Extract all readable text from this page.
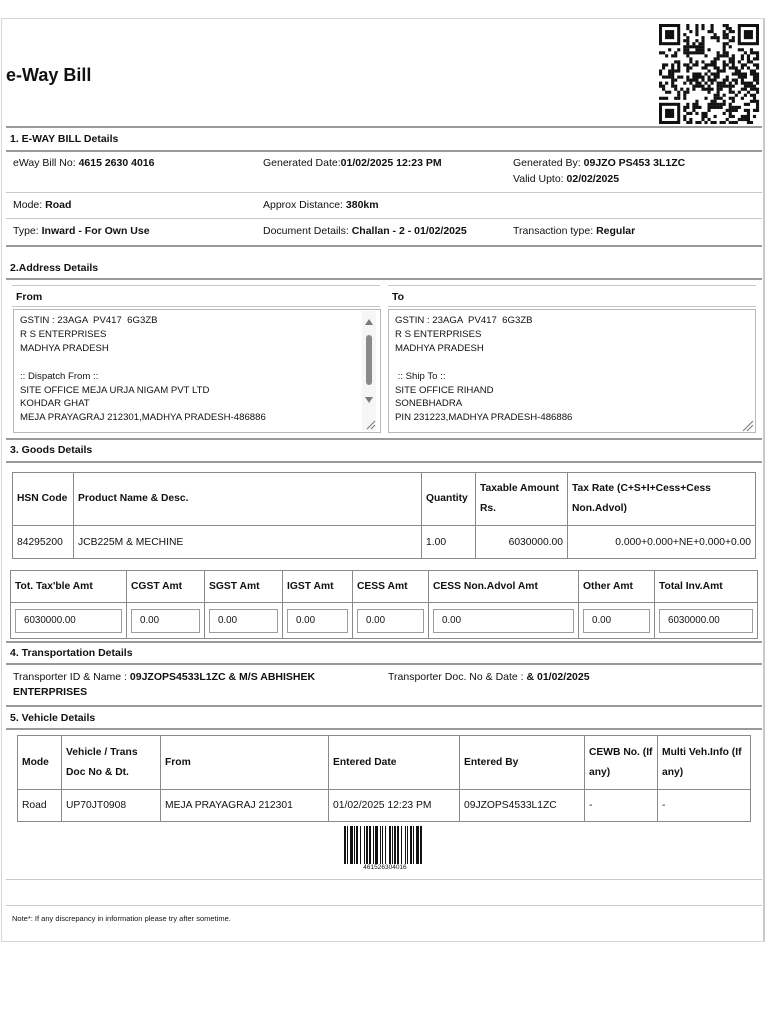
e-Way Bill
1. E-WAY BILL Details
eWay Bill No: 4615 2630 4016	Generated Date:01/02/2025 12:23 PM	Generated By: 09JZO PS453 3L1ZC
Valid Upto: 02/02/2025
Mode: Road	Approx Distance: 380km
Type: Inward - For Own Use	Document Details: Challan - 2 - 01/02/2025	Transaction type: Regular
2.Address Details
From	To
GSTIN : 23AGA  PV417  6G3ZB
R S ENTERPRISES
MADHYA PRADESH

:: Dispatch From ::
SITE OFFICE MEJA URJA NIGAM PVT LTD
KOHDAR GHAT
MEJA PRAYAGRAJ 212301,MADHYA PRADESH-486886
GSTIN : 23AGA  PV417  6G3ZB
R S ENTERPRISES
MADHYA PRADESH

:: Ship To ::
SITE OFFICE RIHAND
SONEBHADRA
PIN 231223,MADHYA PRADESH-486886
3. Goods Details
HSN Code	Product Name & Desc.	Quantity	Taxable Amount Rs.	Tax Rate (C+S+I+Cess+Cess Non.Advol)
84295200	JCB225M & MECHINE	1.00	6030000.00	0.000+0.000+NE+0.000+0.00
Tot. Tax'ble Amt	CGST Amt	SGST Amt	IGST Amt	CESS Amt	CESS Non.Advol Amt	Other Amt	Total Inv.Amt

6030000.00	0.00	0.00	0.00	0.00	0.00	0.00	6030000.00
4. Transportation Details
Transporter ID & Name : 09JZOPS4533L1ZC & M/S ABHISHEK
ENTERPRISES
Transporter Doc. No & Date : & 01/02/2025
5. Vehicle Details
Mode	Vehicle / Trans Doc No & Dt.	From	Entered Date	Entered By	CEWB No. (If any)	Multi Veh.Info (If any)
Road	UP70JT0908	MEJA PRAYAGRAJ 212301	01/02/2025 12:23 PM	09JZOPS4533L1ZC	-	-
461526304016
Note*: If any discrepancy in information please try after sometime.
